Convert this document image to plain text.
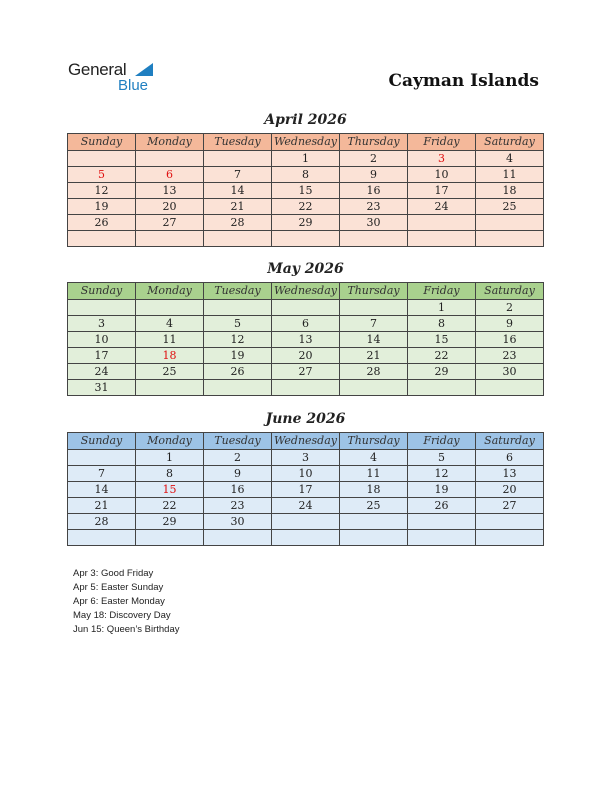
General
Blue	Cayman Islands
April 2026
Sunday	Monday	Tuesday	Wednesday	Thursday	Friday	Saturday
			1	2	3	4
5	6	7	8	9	10	11
12	13	14	15	16	17	18
19	20	21	22	23	24	25
26	27	28	29	30		

May 2026
Sunday	Monday	Tuesday	Wednesday	Thursday	Friday	Saturday
					1	2
3	4	5	6	7	8	9
10	11	12	13	14	15	16
17	18	19	20	21	22	23
24	25	26	27	28	29	30
31						
June 2026
Sunday	Monday	Tuesday	Wednesday	Thursday	Friday	Saturday
	1	2	3	4	5	6
7	8	9	10	11	12	13
14	15	16	17	18	19	20
21	22	23	24	25	26	27
28	29	30				

Apr 3: Good Friday
Apr 5: Easter Sunday
Apr 6: Easter Monday
May 18: Discovery Day
Jun 15: Queen’s Birthday
